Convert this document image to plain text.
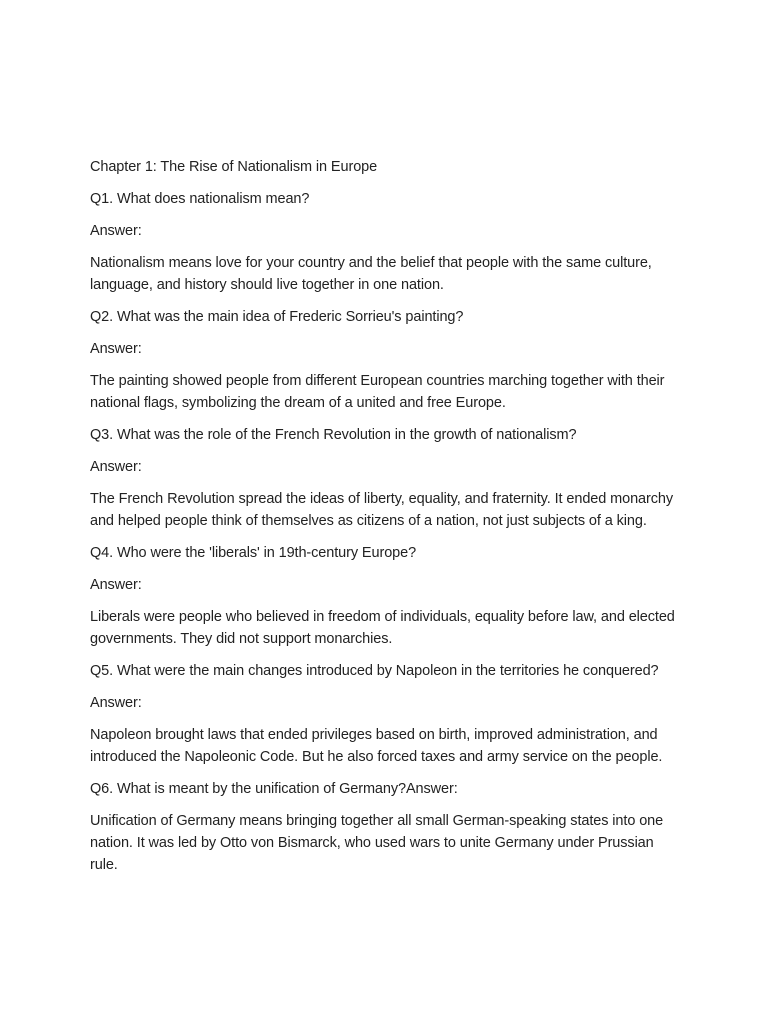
Chapter 1: The Rise of Nationalism in Europe

Q1. What does nationalism mean?

Answer:

Nationalism means love for your country and the belief that people with the same culture, language, and history should live together in one nation.

Q2. What was the main idea of Frederic Sorrieu's painting?

Answer:

The painting showed people from different European countries marching together with their national flags, symbolizing the dream of a united and free Europe.

Q3. What was the role of the French Revolution in the growth of nationalism?

Answer:

The French Revolution spread the ideas of liberty, equality, and fraternity. It ended monarchy and helped people think of themselves as citizens of a nation, not just subjects of a king.

Q4. Who were the 'liberals' in 19th-century Europe?

Answer:

Liberals were people who believed in freedom of individuals, equality before law, and elected governments. They did not support monarchies.

Q5. What were the main changes introduced by Napoleon in the territories he conquered?

Answer:

Napoleon brought laws that ended privileges based on birth, improved administration, and introduced the Napoleonic Code. But he also forced taxes and army service on the people.

Q6. What is meant by the unification of Germany?Answer:

Unification of Germany means bringing together all small German-speaking states into one nation. It was led by Otto von Bismarck, who used wars to unite Germany under Prussian rule.
